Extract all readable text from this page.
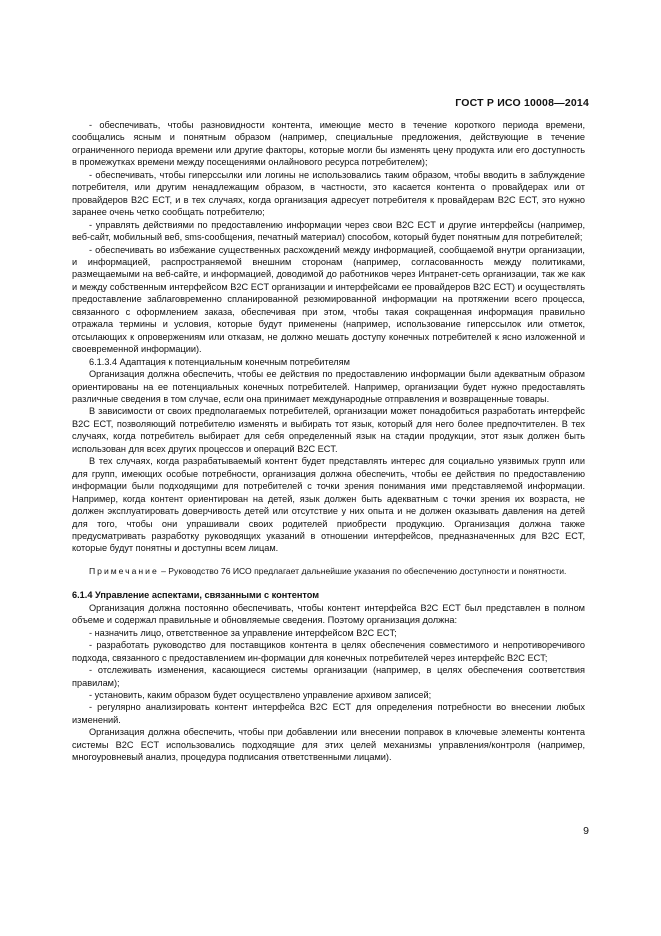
ГОСТ Р ИСО 10008—2014

- обеспечивать, чтобы разновидности контента, имеющие место в течение короткого периода времени, сообщались ясным и понятным образом (например, специальные предложения, действующие в течение ограниченного периода времени или другие факторы, которые могли бы изменять цену продукта или его доступность в промежутках времени между посещениями онлайнового ресурса потребителем);

- обеспечивать, чтобы гиперссылки или логины не использовались таким образом, чтобы вводить в заблуждение потребителя, или другим ненадлежащим образом, в частности, это касается контента о провайдерах или от провайдеров B2C ECT, и в тех случаях, когда организация адресует потребителя к провайдерам B2C ECT, это нужно заранее очень четко сообщать потребителю;

- управлять действиями по предоставлению информации через свои B2C ECT и другие интерфейсы (например, веб-сайт, мобильный веб, sms-сообщения, печатный материал) способом, который будет понятным для потребителей;

- обеспечивать во избежание существенных расхождений между информацией, сообщаемой внутри организации, и информацией, распространяемой внешним сторонам (например, согласованность между политиками, размещаемыми на веб-сайте, и информацией, доводимой до работников через Интранет-сеть организации, так же как и между собственным интерфейсом B2C ECT организации и интерфейсами ее провайдеров B2C ECT) и осуществлять предоставление заблаговременно спланированной резюмированной информации на протяжении всего процесса, связанного с оформлением заказа, обеспечивая при этом, чтобы такая сокращенная информация правильно отражала термины и условия, которые будут применены (например, использование гиперссылок или отметок, отсылающих к опровержениям или отказам, не должно мешать доступу конечных потребителей к ясно изложенной и своевременной информации).

6.1.3.4 Адаптация к потенциальным конечным потребителям

Организация должна обеспечить, чтобы ее действия по предоставлению информации были адекватным образом ориентированы на ее потенциальных конечных потребителей. Например, организации будет нужно предоставлять различные сведения в том случае, если она принимает международные отправления и возвращенные товары.

В зависимости от своих предполагаемых потребителей, организации может понадобиться разработать интерфейс B2C ECT, позволяющий потребителю изменять и выбирать тот язык, который для него более предпочтителен. В тех случаях, когда потребитель выбирает для себя определенный язык на стадии продукции, этот язык должен быть использован для всех других процессов и операций B2C ECT.

В тех случаях, когда разрабатываемый контент будет представлять интерес для социально уязвимых групп или для групп, имеющих особые потребности, организация должна обеспечить, чтобы ее действия по предоставлению информации были подходящими для потребителей с точки зрения понимания ими представляемой информации. Например, когда контент ориентирован на детей, язык должен быть адекватным с точки зрения их возраста, не должен эксплуатировать доверчивость детей или отсутствие у них опыта и не должен оказывать давления на детей для того, чтобы они упрашивали своих родителей приобрести продукцию. Организация должна также предусматривать разработку руководящих указаний в отношении интерфейсов, предназначенных для B2C ECT, которые будут понятны и доступны всем лицам.

Примечание – Руководство 76 ИСО предлагает дальнейшие указания по обеспечению доступности и понятности.

6.1.4 Управление аспектами, связанными с контентом

Организация должна постоянно обеспечивать, чтобы контент интерфейса B2C ECT был представлен в полном объеме и содержал правильные и обновляемые сведения. Поэтому организация должна:

- назначить лицо, ответственное за управление интерфейсом B2C ECT;

- разработать руководство для поставщиков контента в целях обеспечения совместимого и непротиворечивого подхода, связанного с предоставлением ин-формации для конечных потребителей через интерфейс B2C ECT;

- отслеживать изменения, касающиеся системы организации (например, в целях обеспечения соответствия правилам);

- установить, каким образом будет осуществлено управление архивом записей;

- регулярно анализировать контент интерфейса B2C ECT для определения потребности во внесении любых изменений.

Организация должна обеспечить, чтобы при добавлении или внесении поправок в ключевые элементы контента системы B2C ECT использовались подходящие для этих целей механизмы управления/контроля (например, многоуровневый анализ, процедура подписания ответственными лицами).

9
